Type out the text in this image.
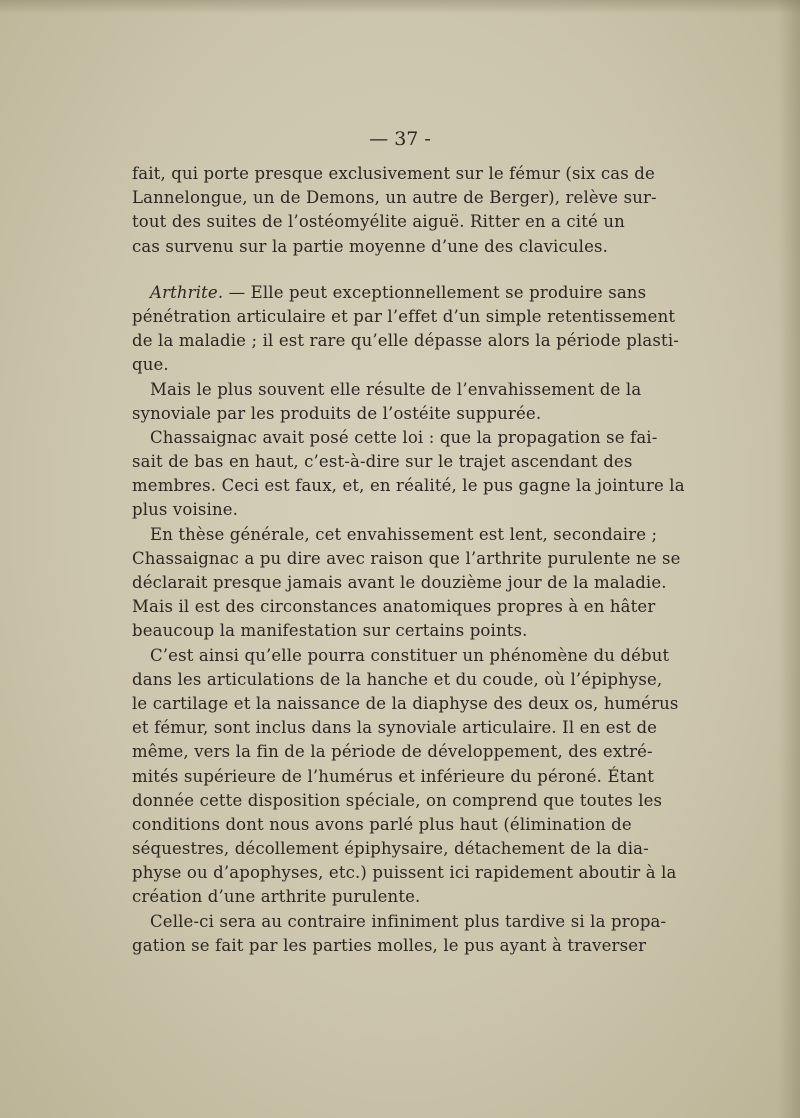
— 37 -
fait, qui porte presque exclusivement sur le fémur (six cas de
Lannelongue, un de Demons, un autre de Berger), relève sur-
tout des suites de l’ostéomyélite aiguë. Ritter en a cité un
cas survenu sur la partie moyenne d’une des clavicules.
Arthrite. — Elle peut exceptionnellement se produire sans
pénétration articulaire et par l’effet d’un simple retentissement
de la maladie ; il est rare qu’elle dépasse alors la période plasti-
que.
Mais le plus souvent elle résulte de l’envahissement de la
synoviale par les produits de l’ostéite suppurée.
Chassaignac avait posé cette loi : que la propagation se fai-
sait de bas en haut, c’est-à-dire sur le trajet ascendant des
membres. Ceci est faux, et, en réalité, le pus gagne la jointure la
plus voisine.
En thèse générale, cet envahissement est lent, secondaire ;
Chassaignac a pu dire avec raison que l’arthrite purulente ne se
déclarait presque jamais avant le douzième jour de la maladie.
Mais il est des circonstances anatomiques propres à en hâter
beaucoup la manifestation sur certains points.
C’est ainsi qu’elle pourra constituer un phénomène du début
dans les articulations de la hanche et du coude, où l’épiphyse,
le cartilage et la naissance de la diaphyse des deux os, humérus
et fémur, sont inclus dans la synoviale articulaire. Il en est de
même, vers la fin de la période de développement, des extré-
mités supérieure de l’humérus et inférieure du péroné. Étant
donnée cette disposition spéciale, on comprend que toutes les
conditions dont nous avons parlé plus haut (élimination de
séquestres, décollement épiphysaire, détachement de la dia-
physe ou d’apophyses, etc.) puissent ici rapidement aboutir à la
création d’une arthrite purulente.
Celle-ci sera au contraire infiniment plus tardive si la propa-
gation se fait par les parties molles, le pus ayant à traverser
